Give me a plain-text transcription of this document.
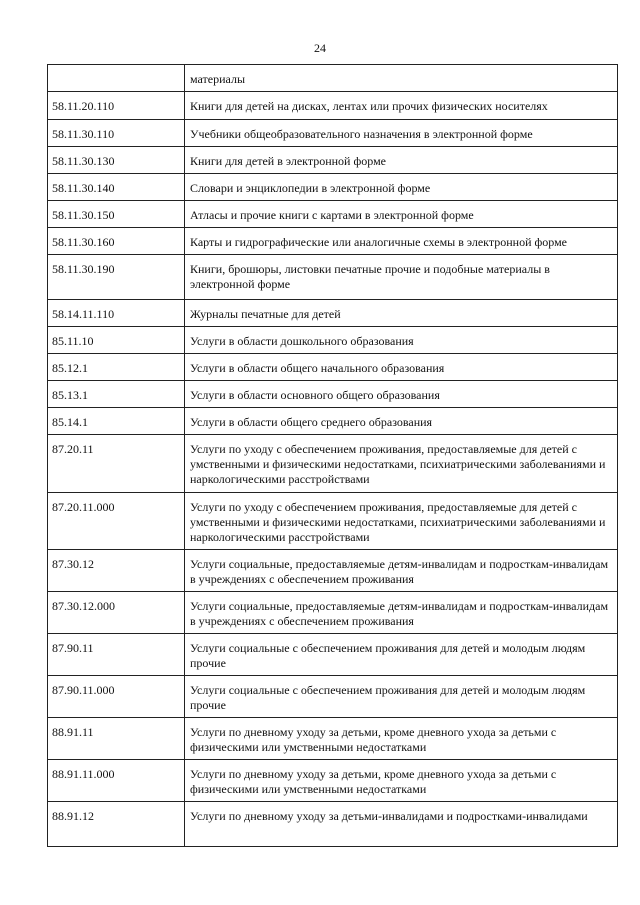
24
	материалы
58.11.20.110	Книги для детей на дисках, лентах или прочих физических носителях
58.11.30.110	Учебники общеобразовательного назначения в электронной форме
58.11.30.130	Книги для детей в электронной форме
58.11.30.140	Словари и энциклопедии в электронной форме
58.11.30.150	Атласы и прочие книги с картами в электронной форме
58.11.30.160	Карты и гидрографические или аналогичные схемы в электронной форме
58.11.30.190	Книги, брошюры, листовки печатные прочие и подобные материалы в электронной форме
58.14.11.110	Журналы печатные для детей
85.11.10	Услуги в области дошкольного образования
85.12.1	Услуги в области общего начального образования
85.13.1	Услуги в области основного общего образования
85.14.1	Услуги в области общего среднего образования
87.20.11	Услуги по уходу с обеспечением проживания, предоставляемые для детей с умственными и физическими недостатками, психиатрическими заболеваниями и наркологическими расстройствами
87.20.11.000	Услуги по уходу с обеспечением проживания, предоставляемые для детей с умственными и физическими недостатками, психиатрическими заболеваниями и наркологическими расстройствами
87.30.12	Услуги социальные, предоставляемые детям-инвалидам и подросткам-инвалидам в учреждениях с обеспечением проживания
87.30.12.000	Услуги социальные, предоставляемые детям-инвалидам и подросткам-инвалидам в учреждениях с обеспечением проживания
87.90.11	Услуги социальные с обеспечением проживания для детей и молодым людям прочие
87.90.11.000	Услуги социальные с обеспечением проживания для детей и молодым людям прочие
88.91.11	Услуги по дневному уходу за детьми, кроме дневного ухода за детьми с физическими или умственными недостатками
88.91.11.000	Услуги по дневному уходу за детьми, кроме дневного ухода за детьми с физическими или умственными недостатками
88.91.12	Услуги по дневному уходу за детьми-инвалидами и подростками-инвалидами
